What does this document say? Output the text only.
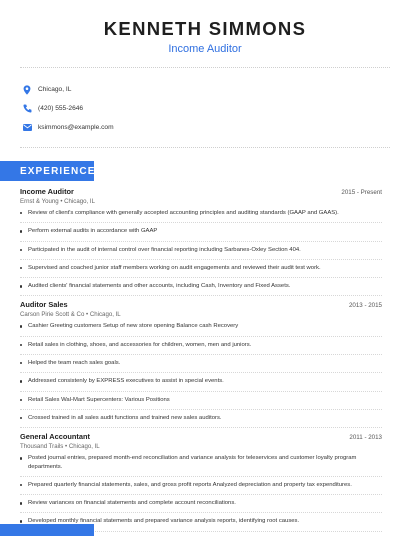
KENNETH SIMMONS
Income Auditor
Chicago, IL
(420) 555-2646
ksimmons@example.com
EXPERIENCE
Income Auditor	2015 - Present
Ernst & Young • Chicago, IL
Review of client's compliance with generally accepted accounting principles and auditing standards (GAAP and GAAS).
Perform external audits in accordance with GAAP
Participated in the audit of internal control over financial reporting including Sarbanes-Oxley Section 404.
Supervised and coached junior staff members working on audit engagements and reviewed their audit test work.
Audited clients' financial statements and other accounts, including Cash, Inventory and Fixed Assets.
Auditor Sales	2013 - 2015
Carson Pirie Scott & Co • Chicago, IL
Cashier Greeting customers Setup of new store opening Balance cash Recovery
Retail sales in clothing, shoes, and accessories for children, women, men and juniors.
Helped the team reach sales goals.
Addressed consistenly by EXPRESS executives to assist in special events.
Retail Sales Wal-Mart Supercenters: Various Positions
Crossed trained in all sales audit functions and trained new sales auditors.
General Accountant	2011 - 2013
Thousand Trails • Chicago, IL
Posted journal entries, prepared month-end reconciliation and variance analysis for teleservices and customer loyalty program departments.
Prepared quarterly financial statements, sales, and gross profit reports Analyzed depreciation and property tax expenditures.
Review variances on financial statements and complete account reconciliations.
Developed monthly financial statements and prepared variance analysis reports, identifying root causes.
